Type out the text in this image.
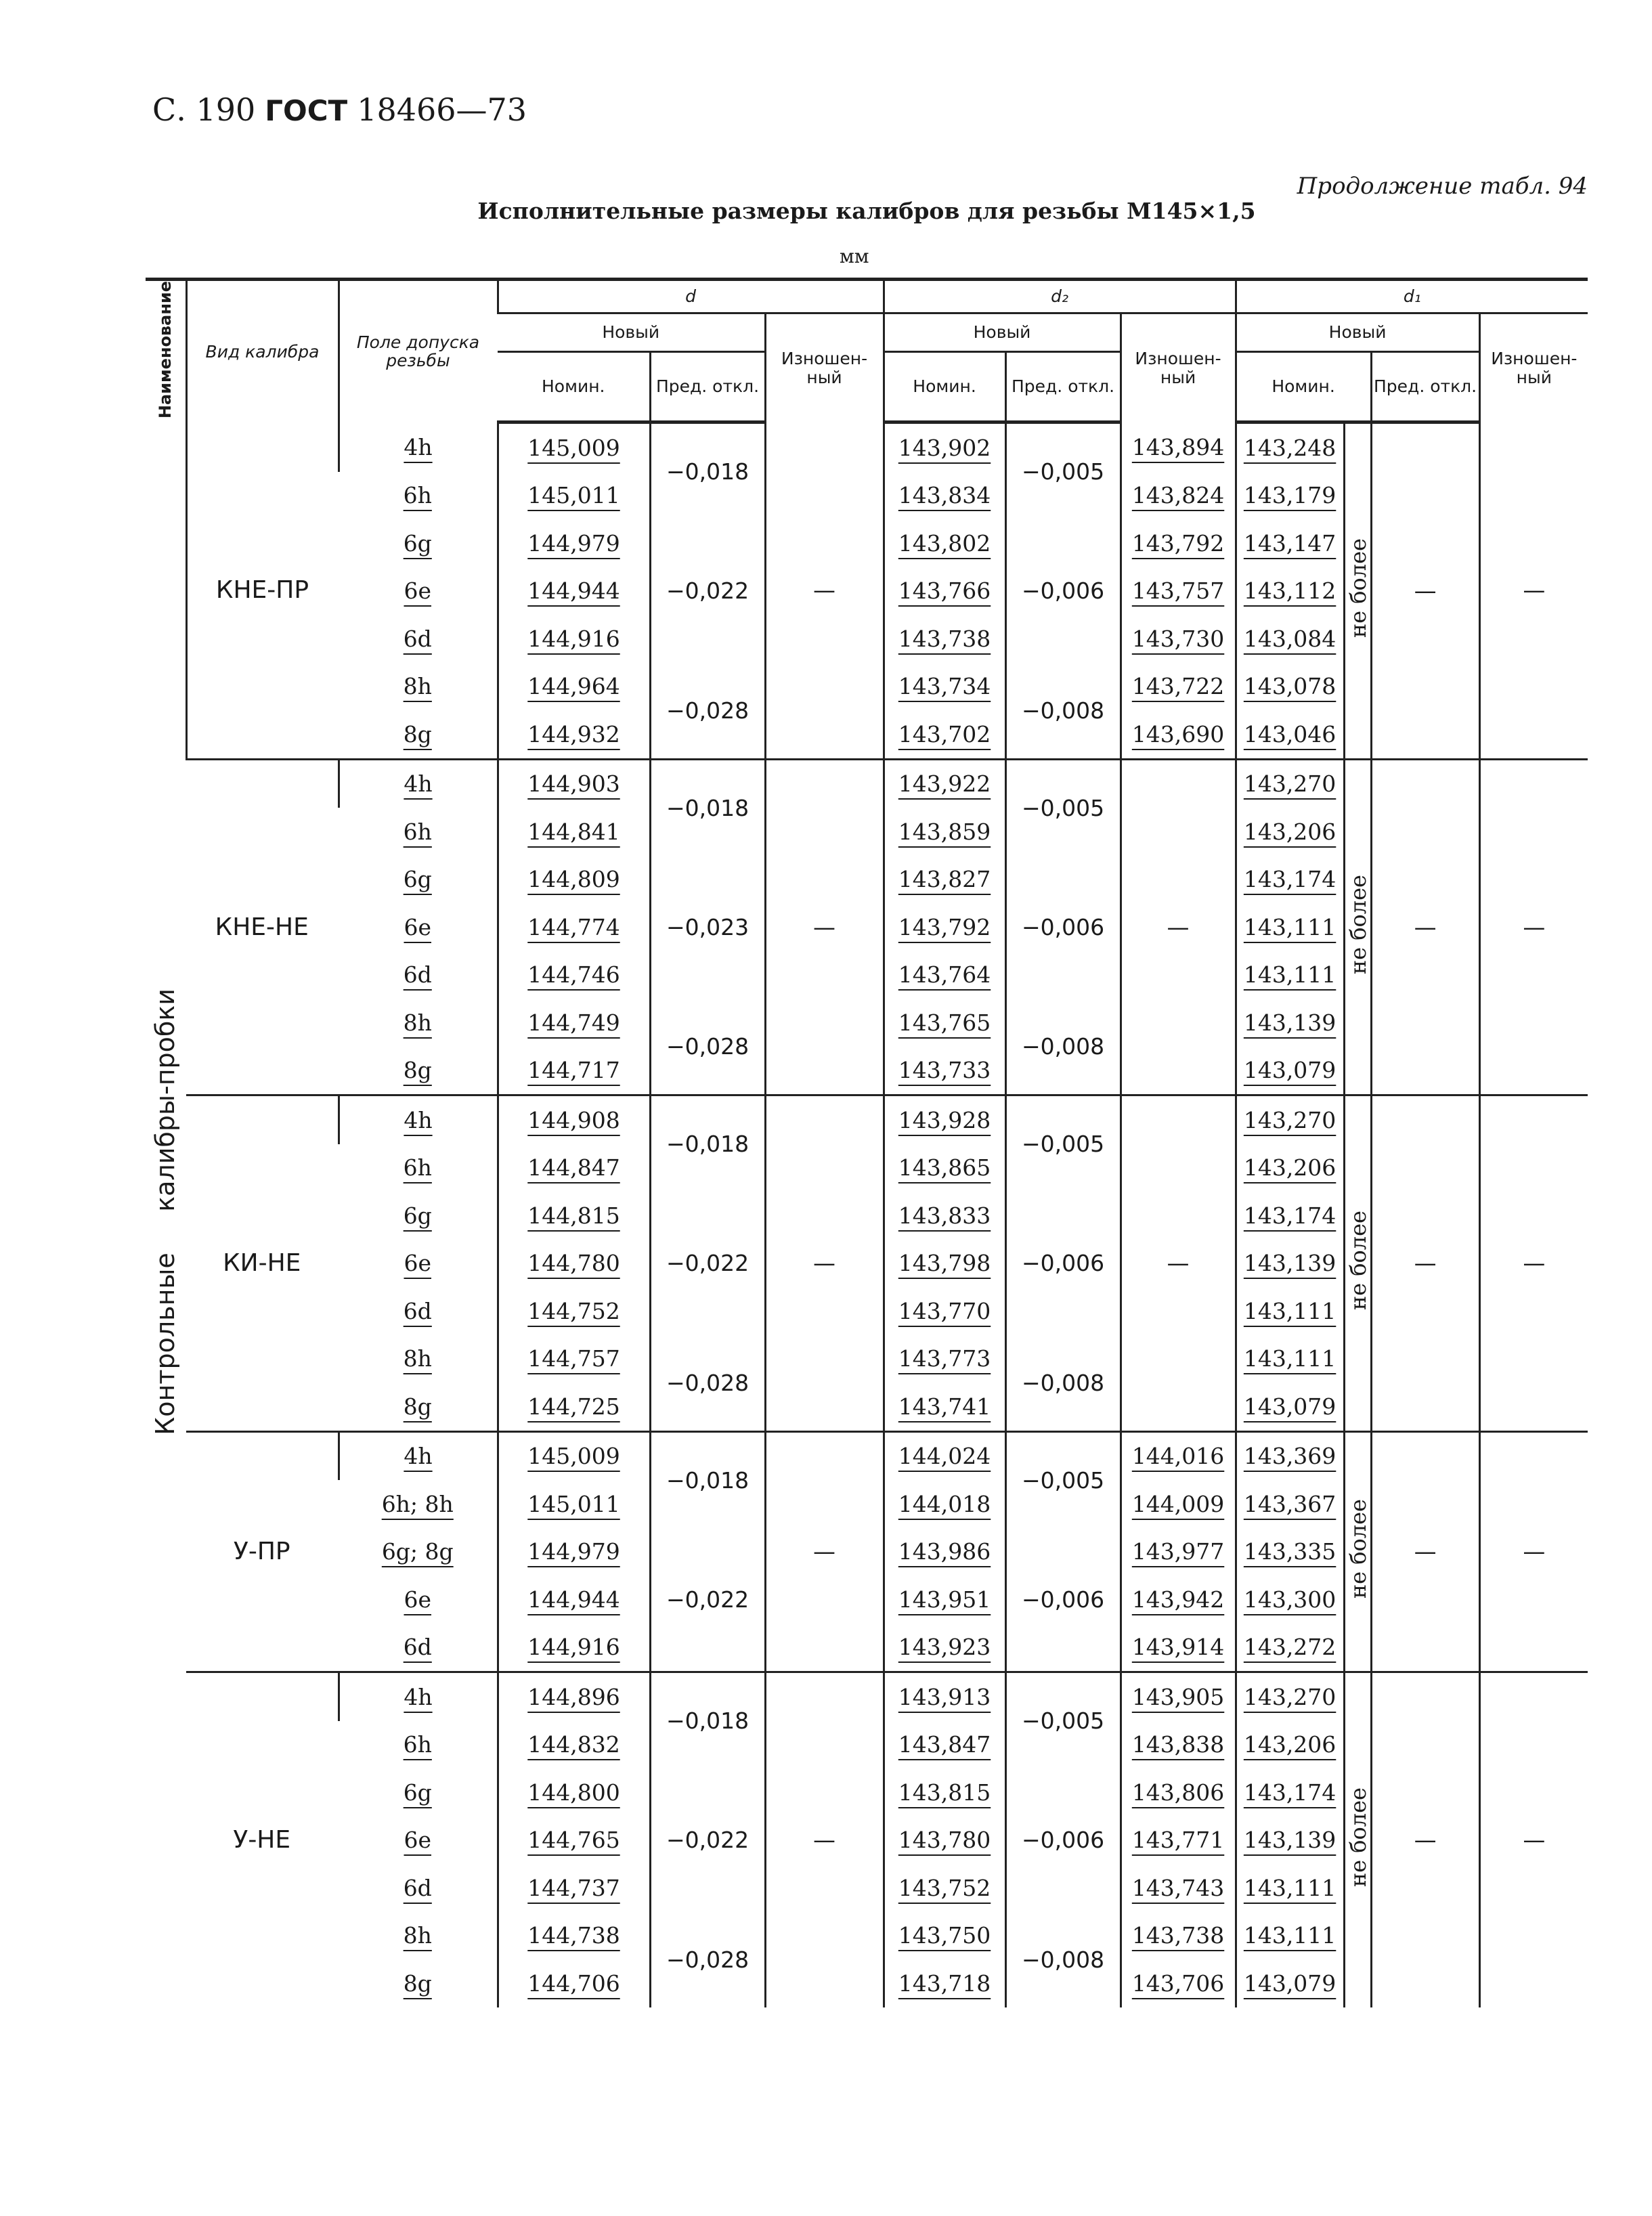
С. 190 ГОСТ 18466—73
Продолжение табл. 94
Исполнительные размеры калибров для резьбы M145×1,5
мм
Наименование	Вид калибра	Поле допуска резьбы	d			d₂			d₁			
			Новый		Изношен-ный	Новый		Изношен-ный	Новый			Изношен-ный
			Номин.	Пред. откл.		Номин.	Пред. откл.		Номин.		Пред. откл.	
Контрольные     калибры-пробки	КНЕ-ПР	4h	145,009	−0,018	—	143,902	−0,005	143,894	143,248	не более	—	—
		6h	145,011			143,834		143,824	143,179			
		6g	144,979	−0,022		143,802	−0,006	143,792	143,147			
		6e	144,944			143,766		143,757	143,112			
		6d	144,916			143,738		143,730	143,084			
		8h	144,964	−0,028		143,734	−0,008	143,722	143,078			
		8g	144,932			143,702		143,690	143,046			
	КНЕ-НЕ	4h	144,903	−0,018	—	143,922	−0,005	—	143,270	не более	—	—
		6h	144,841			143,859			143,206			
		6g	144,809	−0,023		143,827	−0,006		143,174			
		6e	144,774			143,792			143,111			
		6d	144,746			143,764			143,111			
		8h	144,749	−0,028		143,765	−0,008		143,139			
		8g	144,717			143,733			143,079			
	КИ-НЕ	4h	144,908	−0,018	—	143,928	−0,005	—	143,270	не более	—	—
		6h	144,847			143,865			143,206			
		6g	144,815	−0,022		143,833	−0,006		143,174			
		6e	144,780			143,798			143,139			
		6d	144,752			143,770			143,111			
		8h	144,757	−0,028		143,773	−0,008		143,111			
		8g	144,725			143,741			143,079			
	У-ПР	4h	145,009	−0,018	—	144,024	−0,005	144,016	143,369	не более	—	—
		6h; 8h	145,011			144,018		144,009	143,367			
		6g; 8g	144,979	−0,022		143,986	−0,006	143,977	143,335			
		6e	144,944			143,951		143,942	143,300			
		6d	144,916			143,923		143,914	143,272			
	У-НЕ	4h	144,896	−0,018	—	143,913	−0,005	143,905	143,270	не более	—	—
		6h	144,832			143,847		143,838	143,206			
		6g	144,800	−0,022		143,815	−0,006	143,806	143,174			
		6e	144,765			143,780		143,771	143,139			
		6d	144,737			143,752		143,743	143,111			
		8h	144,738	−0,028		143,750	−0,008	143,738	143,111			
		8g	144,706			143,718		143,706	143,079			
